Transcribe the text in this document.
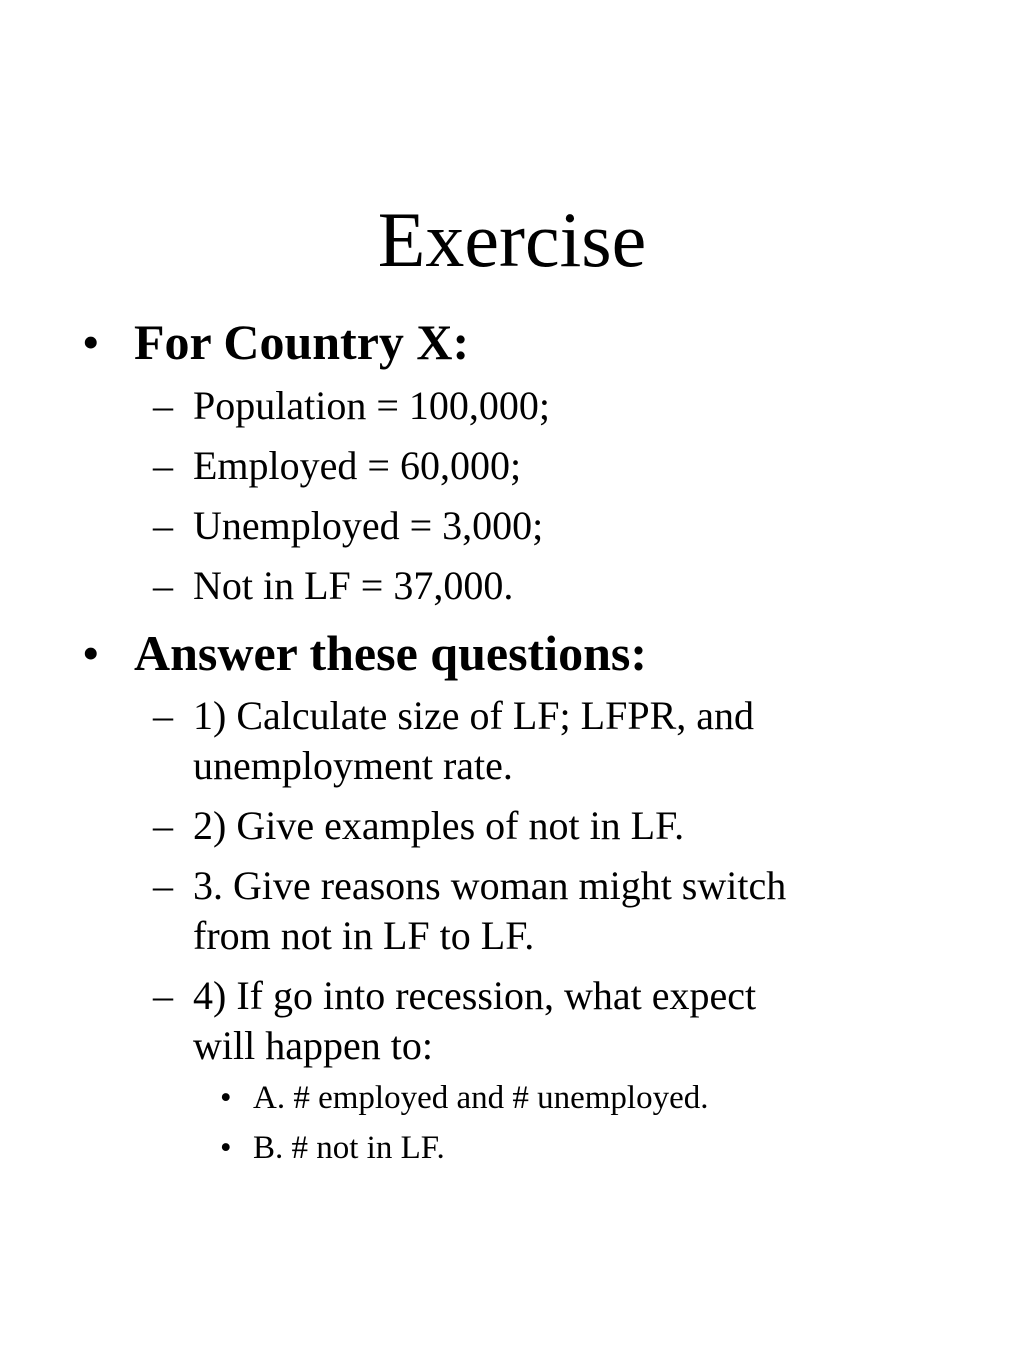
Exercise
• For Country X:
– Population = 100,000;
– Employed = 60,000;
– Unemployed = 3,000;
– Not in LF = 37,000.
• Answer these questions:
– 1) Calculate size of LF; LFPR, and
unemployment rate.
– 2) Give examples of not in LF.
– 3. Give reasons woman might switch
from not in LF to LF.
– 4) If go into recession, what expect
will happen to:
• A. # employed and # unemployed.
• B. # not in LF.
